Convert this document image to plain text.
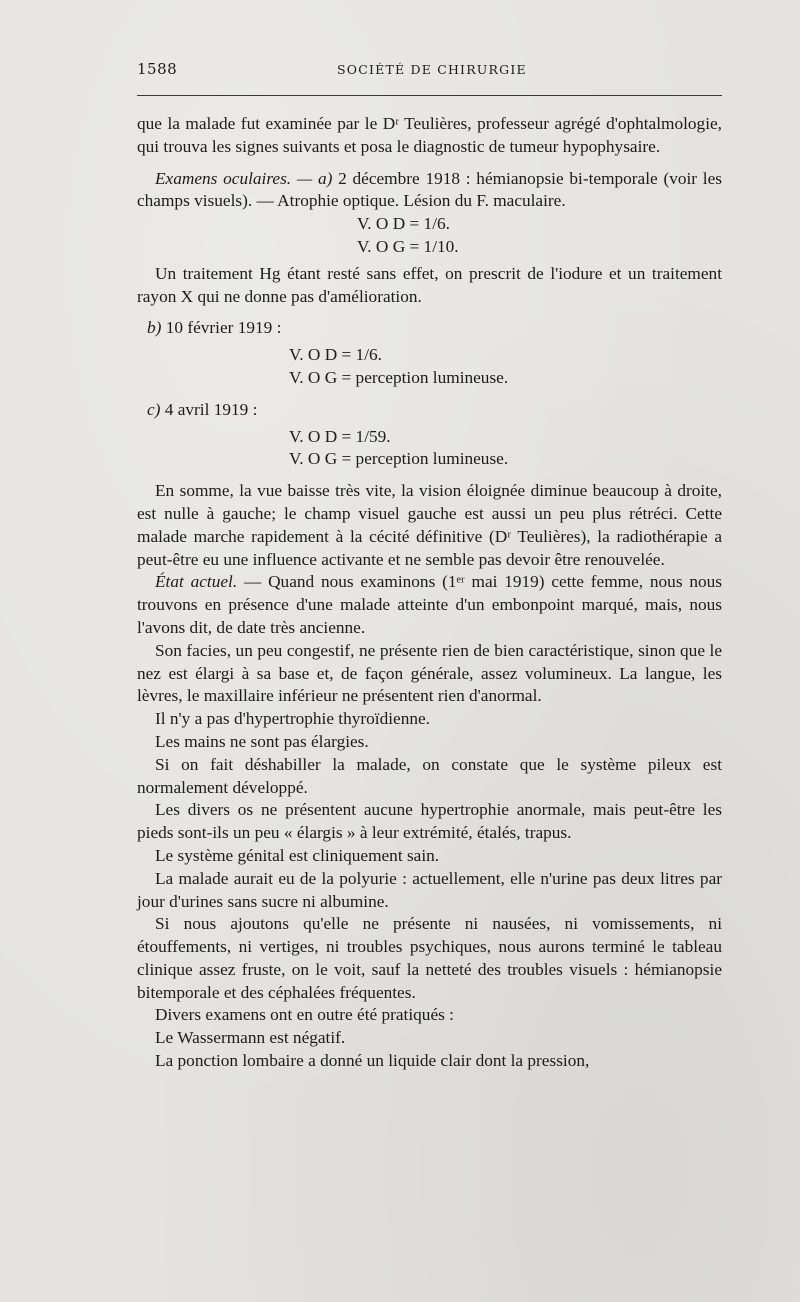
1588	SOCIÉTÉ DE CHIRURGIE

que la malade fut examinée par le Dʳ Teulières, professeur agrégé d'ophtalmologie, qui trouva les signes suivants et posa le diagnostic de tumeur hypophysaire.

Examens oculaires. — a) 2 décembre 1918 : hémianopsie bi-temporale (voir les champs visuels). — Atrophie optique. Lésion du F. maculaire.

V. O D = 1/6.

V. O G = 1/10.

Un traitement Hg étant resté sans effet, on prescrit de l'iodure et un traitement rayon X qui ne donne pas d'amélioration.

b) 10 février 1919 :

V. O D = 1/6.

V. O G = perception lumineuse.

c) 4 avril 1919 :

V. O D = 1/59.

V. O G = perception lumineuse.

En somme, la vue baisse très vite, la vision éloignée diminue beaucoup à droite, est nulle à gauche; le champ visuel gauche est aussi un peu plus rétréci. Cette malade marche rapidement à la cécité définitive (Dʳ Teulières), la radiothérapie a peut-être eu une influence activante et ne semble pas devoir être renouvelée.

État actuel. — Quand nous examinons (1ᵉʳ mai 1919) cette femme, nous nous trouvons en présence d'une malade atteinte d'un embonpoint marqué, mais, nous l'avons dit, de date très ancienne.

Son facies, un peu congestif, ne présente rien de bien caractéristique, sinon que le nez est élargi à sa base et, de façon générale, assez volumineux. La langue, les lèvres, le maxillaire inférieur ne présentent rien d'anormal.

Il n'y a pas d'hypertrophie thyroïdienne.

Les mains ne sont pas élargies.

Si on fait déshabiller la malade, on constate que le système pileux est normalement développé.

Les divers os ne présentent aucune hypertrophie anormale, mais peut-être les pieds sont-ils un peu « élargis » à leur extrémité, étalés, trapus.

Le système génital est cliniquement sain.

La malade aurait eu de la polyurie : actuellement, elle n'urine pas deux litres par jour d'urines sans sucre ni albumine.

Si nous ajoutons qu'elle ne présente ni nausées, ni vomissements, ni étouffements, ni vertiges, ni troubles psychiques, nous aurons terminé le tableau clinique assez fruste, on le voit, sauf la netteté des troubles visuels : hémianopsie bitemporale et des céphalées fréquentes.

Divers examens ont en outre été pratiqués :

Le Wassermann est négatif.

La ponction lombaire a donné un liquide clair dont la pression,
